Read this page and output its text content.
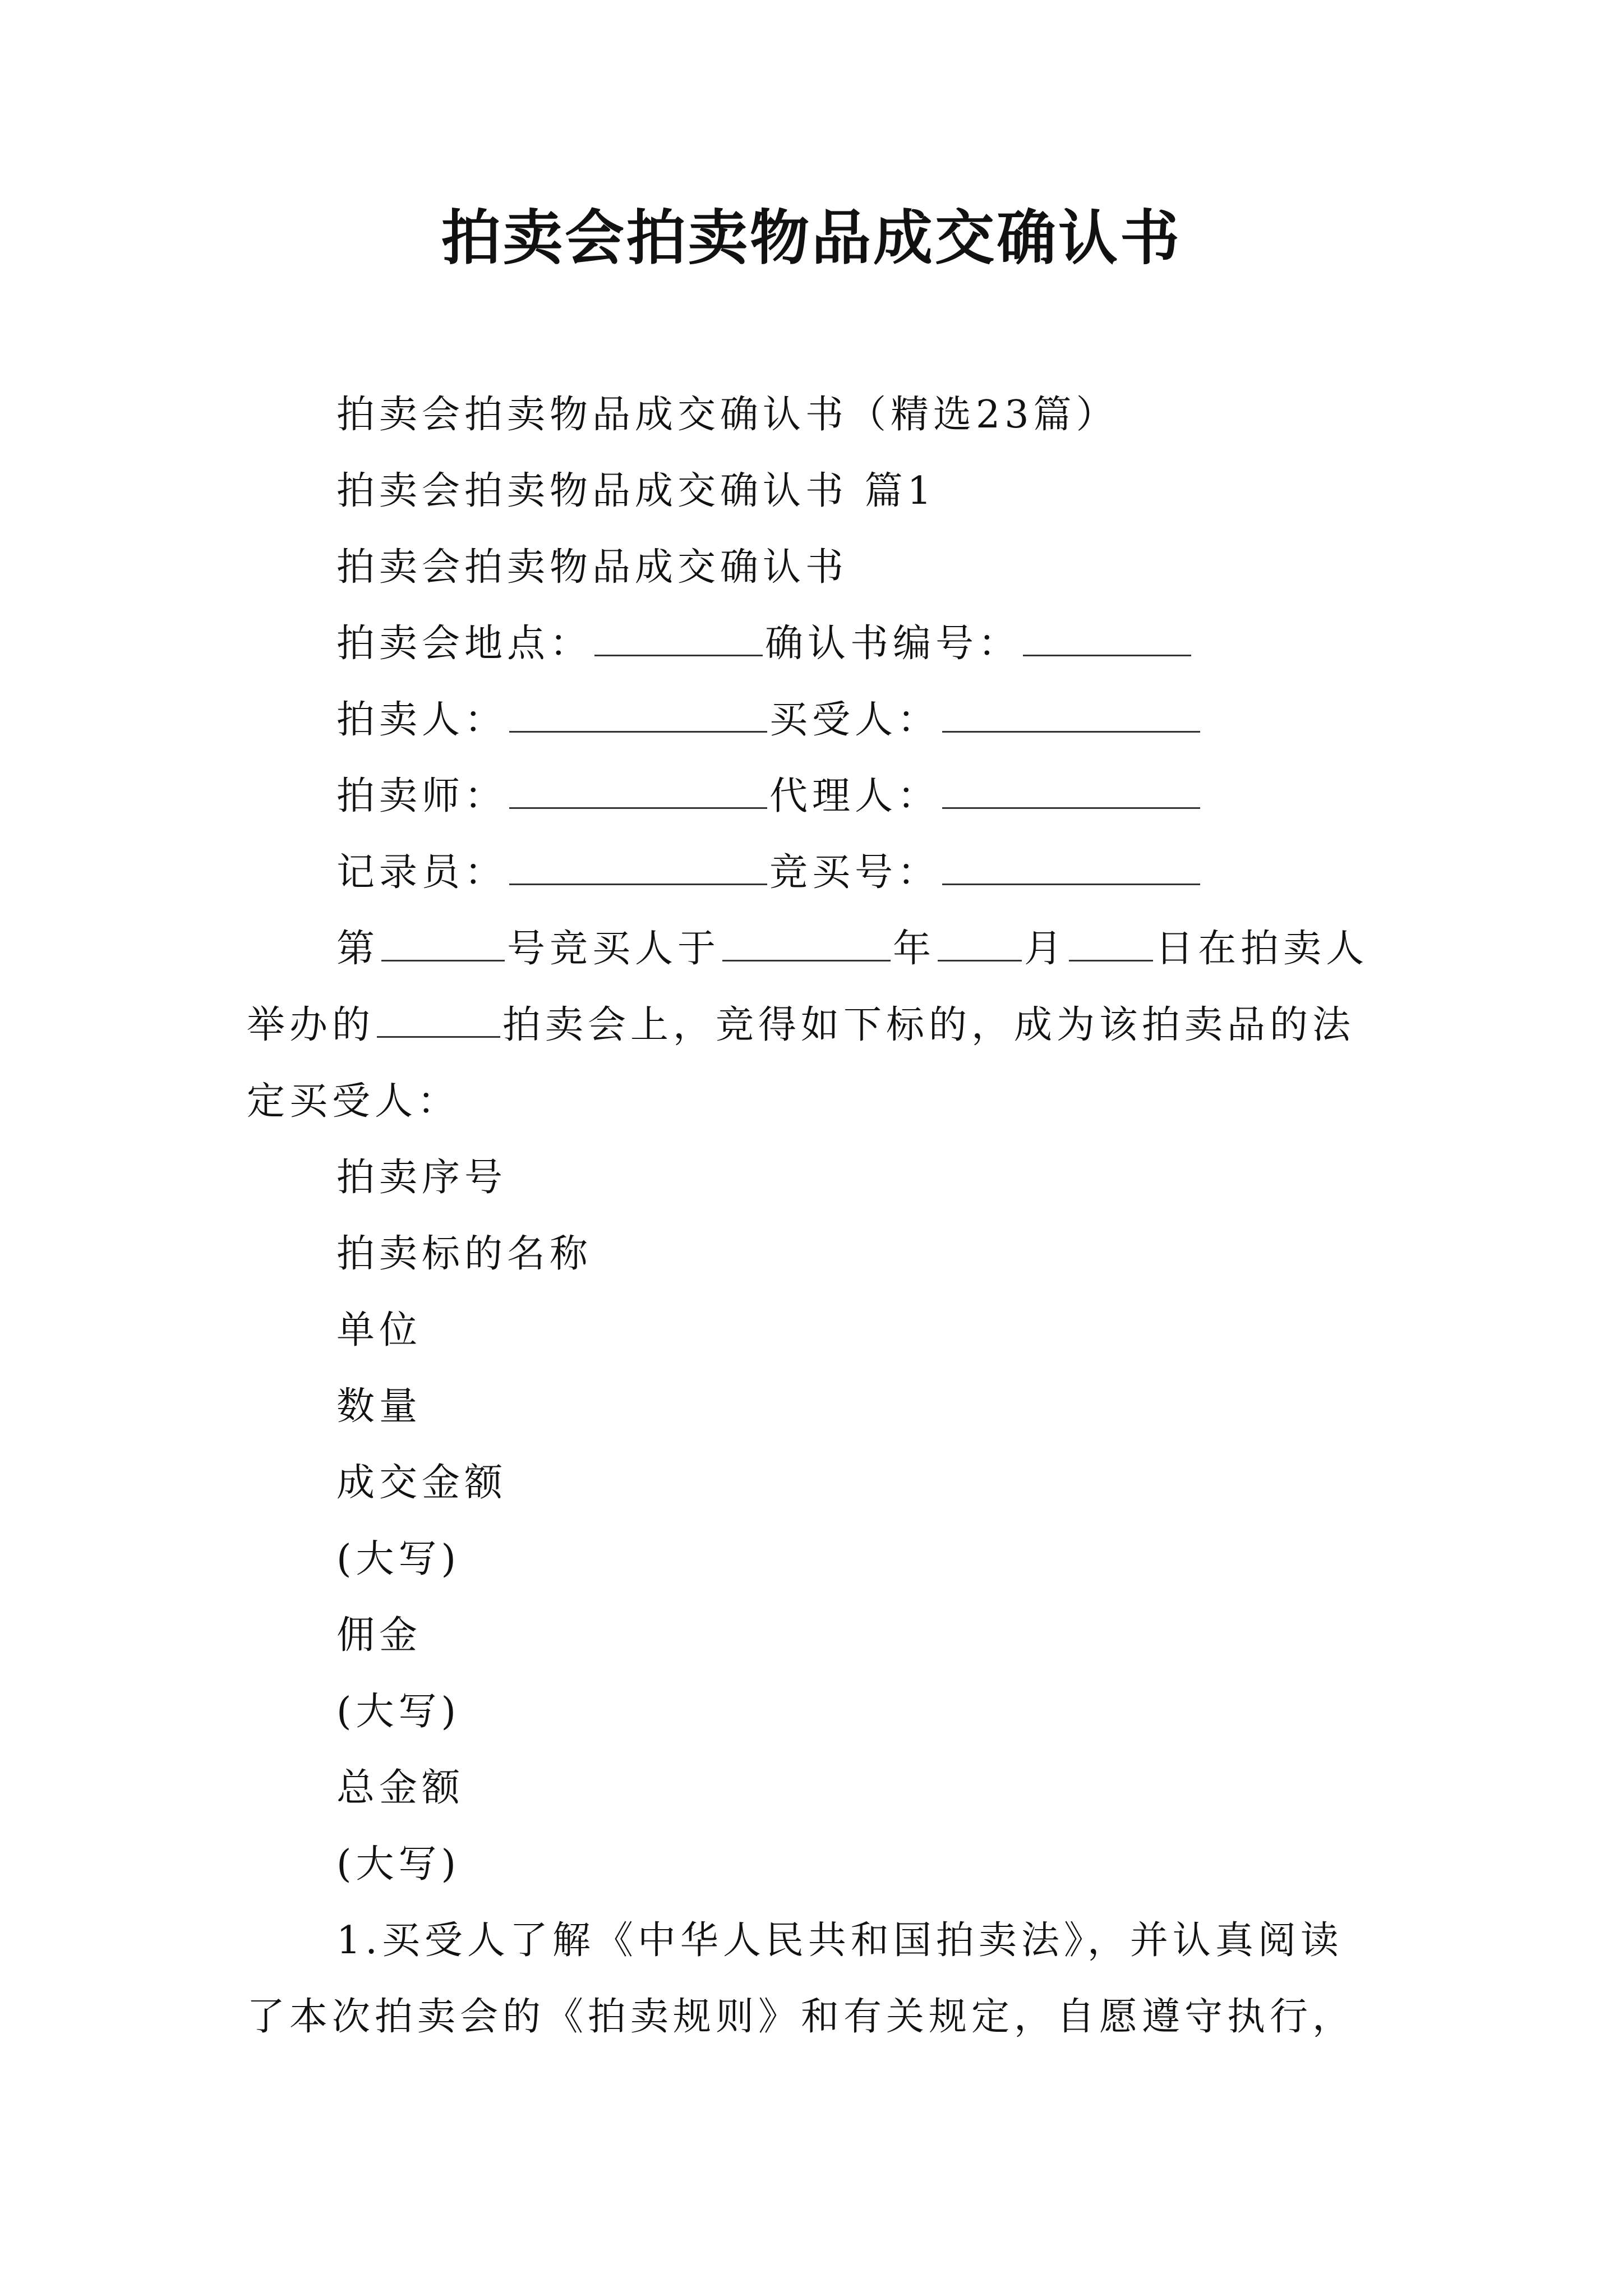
拍卖会拍卖物品成交确认书
拍卖会拍卖物品成交确认书（精选23篇）
拍卖会拍卖物品成交确认书 篇1
拍卖会拍卖物品成交确认书
拍卖会地点：	确认书编号：
拍卖人：	买受人：
拍卖师：	代理人：
记录员：	竞买号：
第	号竞买人于	年 月 日在拍卖人
举办的	拍卖会上，竞得如下标的，成为该拍卖品的法
定买受人：
拍卖序号
拍卖标的名称
单位
数量
成交金额
(大写)
佣金
(大写)
总金额
(大写)
1.买受人了解《中华人民共和国拍卖法》，并认真阅读
了本次拍卖会的《拍卖规则》和有关规定，自愿遵守执行，
